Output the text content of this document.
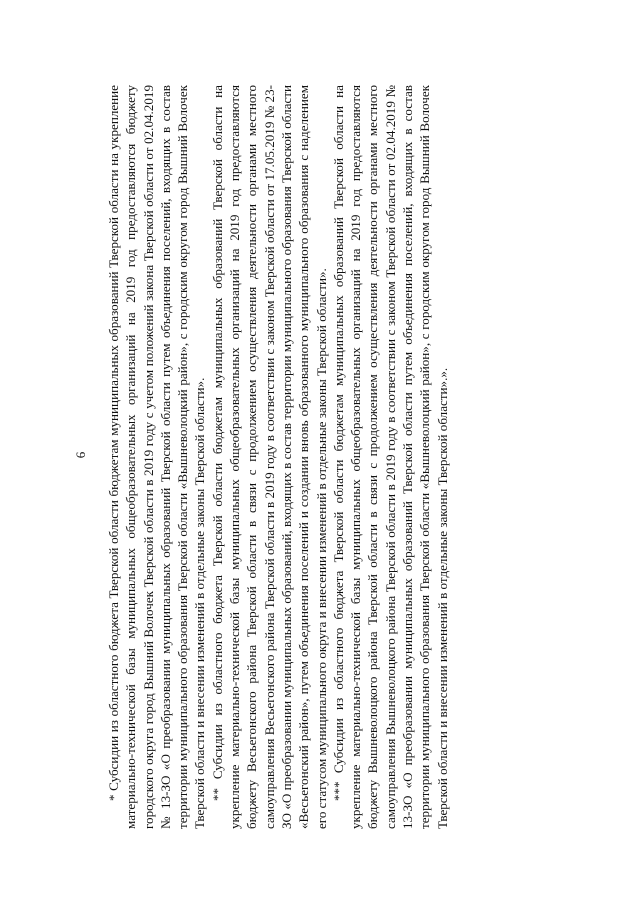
6 * Субсидии из областного бюджета Тверской области бюджетам муниципальных образований Тверской области на укрепление материально-технической базы муниципальных общеобразовательных организаций на 2019 год предоставляются бюджету городского округа город Вышний Волочек Тверской области в 2019 году с учетом положений закона Тверской области от 02.04.2019 № 13-ЗО «О преобразовании муниципальных образований Тверской области путем объединения поселений, входящих в состав территории муниципального образования Тверской области «Вышневолоцкий район», с городским округом город Вышний Волочек Тверской области и внесении изменений в отдельные законы Тверской области». ** Субсидии из областного бюджета Тверской области бюджетам муниципальных образований Тверской области на укрепление материально-технической базы муниципальных общеобразовательных организаций на 2019 год предоставляются бюджету Весьегонского района Тверской области в связи с продолжением осуществления деятельности органами местного самоуправления Весьегонского района Тверской области в 2019 году в соответствии с законом Тверской области от 17.05.2019 № 23-ЗО «О преобразовании муниципальных образований, входящих в состав территории муниципального образования Тверской области «Весьегонский район», путем объединения поселений и создании вновь образованного муниципального образования с наделением его статусом муниципального округа и внесении изменений в отдельные законы Тверской области». *** Субсидии из областного бюджета Тверской области бюджетам муниципальных образований Тверской области на укрепление материально-технической базы муниципальных общеобразовательных организаций на 2019 год предоставляются бюджету Вышневолоцкого района Тверской области в связи с продолжением осуществления деятельности органами местного самоуправления Вышневолоцкого района Тверской области в 2019 году в соответствии с законом Тверской области от 02.04.2019 № 13-ЗО «О преобразовании муниципальных образований Тверской области путем объединения поселений, входящих в состав территории муниципального образования Тверской области «Вышневолоцкий район», с городским округом город Вышний Волочек Тверской области и внесении изменений в отдельные законы Тверской области».».
